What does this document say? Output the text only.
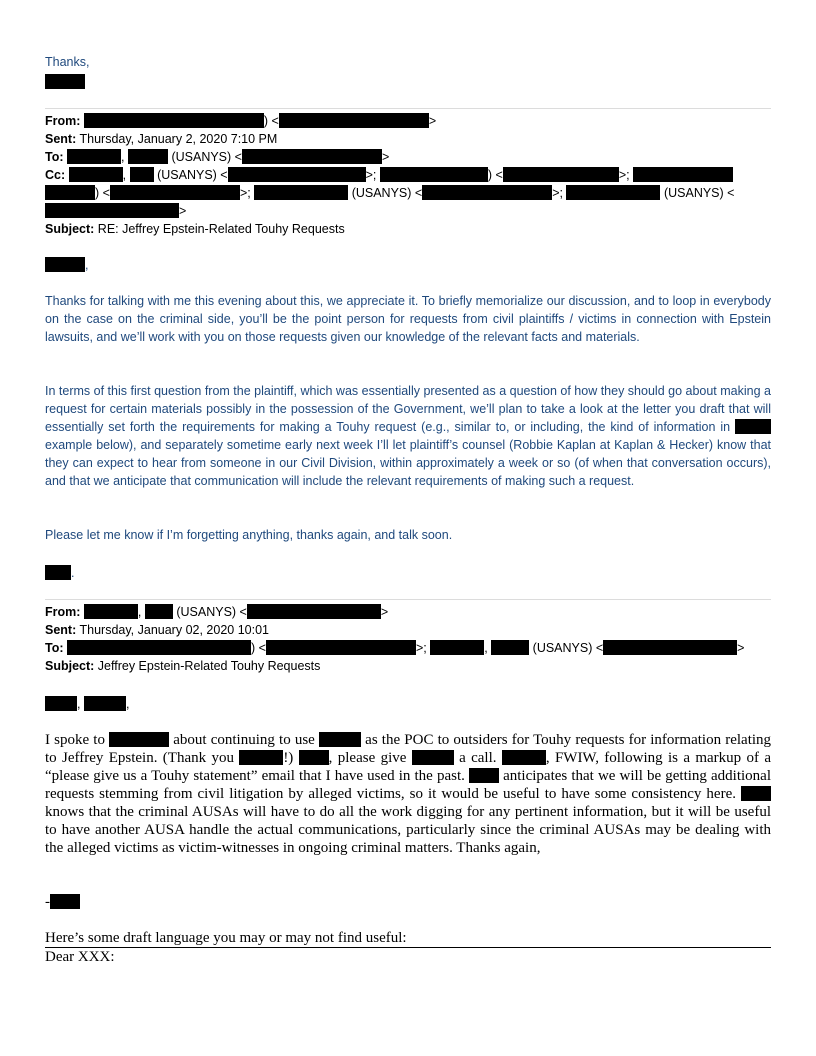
Thanks,
From:	) <	>
Sent: Thursday, January 2, 2020 7:10 PM
To:	,	(USANYS) <	>
Cc:	, (USANYS) <	>;	) <	>;
) <	>;	(USANYS) <	>;	(USANYS) <
>
Subject: RE: Jeffrey Epstein-Related Touhy Requests
,
Thanks for talking with me this evening about this, we appreciate it. To briefly memorialize our discussion, and to loop in everybody on the case on the criminal side, you’ll be the point person for requests from civil plaintiffs / victims in connection with Epstein lawsuits, and we’ll work with you on those requests given our knowledge of the relevant facts and materials.
In terms of this first question from the plaintiff, which was essentially presented as a question of how they should go about making a request for certain materials possibly in the possession of the Government, we’ll plan to take a look at the letter you draft that will essentially set forth the requirements for making a Touhy request (e.g., similar to, or including, the kind of information in  example below), and separately sometime early next week I’ll let plaintiff’s counsel (Robbie Kaplan at Kaplan & Hecker) know that they can expect to hear from someone in our Civil Division, within approximately a week or so (of when that conversation occurs), and that we anticipate that communication will include the relevant requirements of making such a request.
Please let me know if I’m forgetting anything, thanks again, and talk soon.
.
From:	,	(USANYS) <	>
Sent: Thursday, January 02, 2020 10:01
To:	) <	>;	,	(USANYS) <	>
Subject: Jeffrey Epstein-Related Touhy Requests
,	,
I spoke to	about continuing to use	as the POC to outsiders for Touhy requests for information relating to Jeffrey Epstein. (Thank you	!) , please give	a call.	, FWIW, following is a markup of a “please give us a Touhy statement” email that I have used in the past.	anticipates that we will be getting additional requests stemming from civil litigation by alleged victims, so it would be useful to have some consistency here.  knows that the criminal AUSAs will have to do all the work digging for any pertinent information, but it will be useful to have another AUSA handle the actual communications, particularly since the criminal AUSAs may be dealing with the alleged victims as victim-witnesses in ongoing criminal matters. Thanks again,
-
Here’s some draft language you may or may not find useful:
Dear XXX:
